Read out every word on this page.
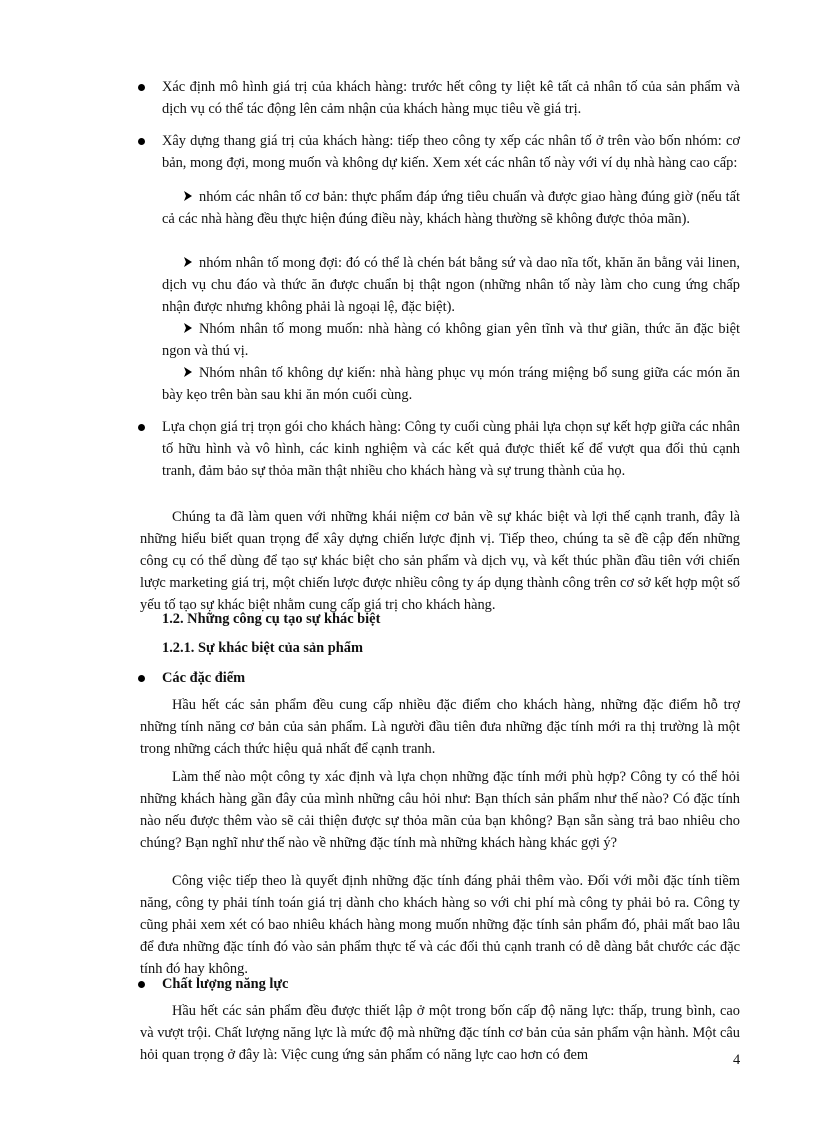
Xác định mô hình giá trị của khách hàng: trước hết công ty liệt kê tất cả nhân tố của sản phẩm và dịch vụ có thể tác động lên cảm nhận của khách hàng mục tiêu về giá trị.
Xây dựng thang giá trị của khách hàng: tiếp theo công ty xếp các nhân tố ở trên vào bốn nhóm: cơ bản, mong đợi, mong muốn và không dự kiến. Xem xét các nhân tố này với ví dụ nhà hàng cao cấp:
nhóm các nhân tố cơ bản: thực phẩm đáp ứng tiêu chuẩn và được giao hàng đúng giờ (nếu tất cả các nhà hàng đều thực hiện đúng điều này, khách hàng thường sẽ không được thỏa mãn).
nhóm nhân tố mong đợi: đó có thể là chén bát bằng sứ và dao nĩa tốt, khăn ăn bằng vải linen, dịch vụ chu đáo và thức ăn được chuẩn bị thật ngon (những nhân tố này làm cho cung ứng chấp nhận được nhưng không phải là ngoại lệ, đặc biệt).
Nhóm nhân tố mong muốn: nhà hàng có không gian yên tĩnh và thư giãn, thức ăn đặc biệt ngon và thú vị.
Nhóm nhân tố không dự kiến: nhà hàng phục vụ món tráng miệng bổ sung giữa các món ăn bày kẹo trên bàn sau khi ăn món cuối cùng.
Lựa chọn giá trị trọn gói cho khách hàng: Công ty cuối cùng phải lựa chọn sự kết hợp giữa các nhân tố hữu hình và vô hình, các kinh nghiệm và các kết quả được thiết kế để vượt qua đối thủ cạnh tranh, đảm bảo sự thỏa mãn thật nhiều cho khách hàng và sự trung thành của họ.
Chúng ta đã làm quen với những khái niệm cơ bản về sự khác biệt và lợi thế cạnh tranh, đây là những hiểu biết quan trọng để xây dựng chiến lược định vị. Tiếp theo, chúng ta sẽ đề cập đến những công cụ có thể dùng để tạo sự khác biệt cho sản phẩm và dịch vụ, và kết thúc phần đầu tiên với chiến lược marketing giá trị, một chiến lược được nhiều công ty áp dụng thành công trên cơ sở kết hợp một số yếu tố tạo sự khác biệt nhằm cung cấp giá trị cho khách hàng.
1.2. Những công cụ tạo sự khác biệt
1.2.1. Sự khác biệt của sản phẩm
Các đặc điểm
Hầu hết các sản phẩm đều cung cấp nhiều đặc điểm cho khách hàng, những đặc điểm hỗ trợ những tính năng cơ bản của sản phẩm. Là người đầu tiên đưa những đặc tính mới ra thị trường là một trong những cách thức hiệu quả nhất để cạnh tranh.
Làm thế nào một công ty xác định và lựa chọn những đặc tính mới phù hợp? Công ty có thể hỏi những khách hàng gần đây của mình những câu hỏi như: Bạn thích sản phẩm như thế nào? Có đặc tính nào nếu được thêm vào sẽ cải thiện được sự thỏa mãn của bạn không? Bạn sẵn sàng trả bao nhiêu cho chúng? Bạn nghĩ như thế nào về những đặc tính mà những khách hàng khác gợi ý?
Công việc tiếp theo là quyết định những đặc tính đáng phải thêm vào. Đối với mỗi đặc tính tiềm năng, công ty phải tính toán giá trị dành cho khách hàng so với chi phí mà công ty phải bỏ ra. Công ty cũng phải xem xét có bao nhiêu khách hàng mong muốn những đặc tính sản phẩm đó, phải mất bao lâu để đưa những đặc tính đó vào sản phẩm thực tế và các đối thủ cạnh tranh có dễ dàng bắt chước các đặc tính đó hay không.
Chất lượng năng lực
Hầu hết các sản phẩm đều được thiết lập ở một trong bốn cấp độ năng lực: thấp, trung bình, cao và vượt trội. Chất lượng năng lực là mức độ mà những đặc tính cơ bản của sản phẩm vận hành. Một câu hỏi quan trọng ở đây là: Việc cung ứng sản phẩm có năng lực cao hơn có đem	4
